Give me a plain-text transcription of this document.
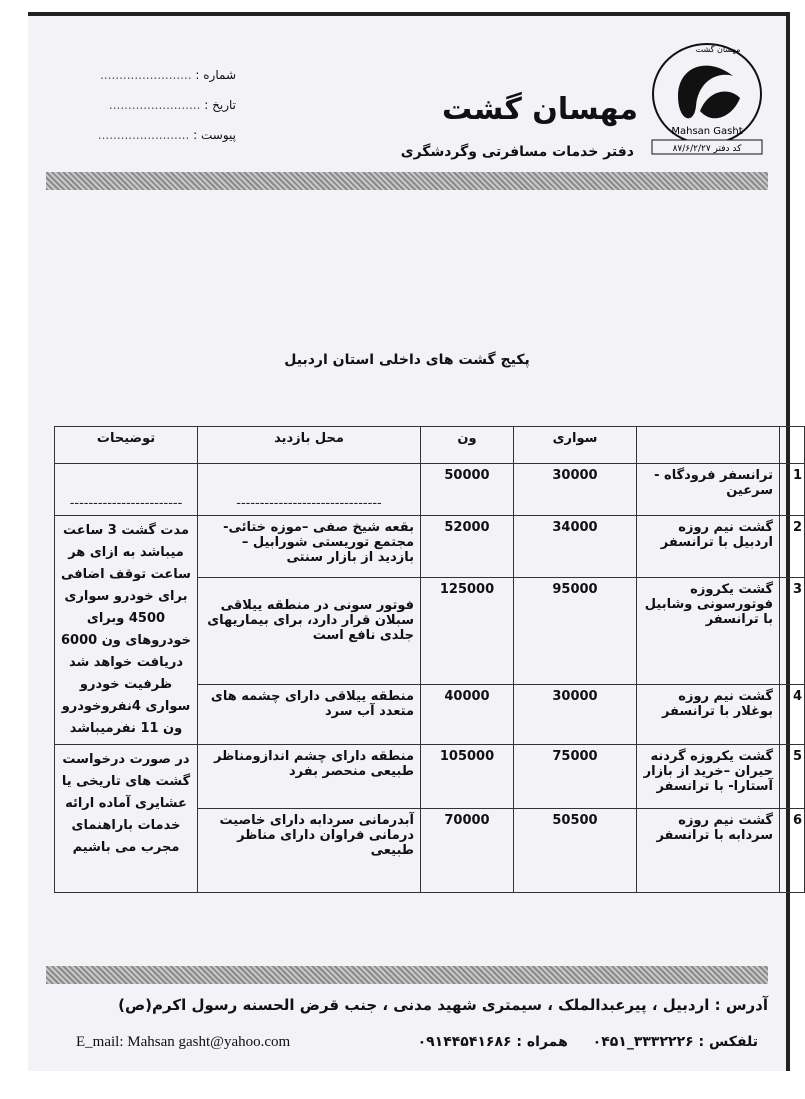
Mahsan Gasht
مهسان گشت
کد دفتر ۸۷/۶/۲/۲۷
مهسان گشت
دفتر خدمات مسافرتی وگردشگری
شماره : ........................
تاریخ : ........................
پیوست : ........................
پکیج گشت های داخلی استان اردبیل
		سواری	ون	محل بازدید	توضیحات
1	ترانسفر فرودگاه - سرعین	30000	50000	-------------------------------	------------------------
2	گشت نیم روزه اردبیل با ترانسفر	34000	52000	بقعه شیخ صفی –موزه ختائی- مجتمع توریستی شورابیل – بازدید از بازار سنتی	مدت گشت 3 ساعت میباشد به ازای هر ساعت توقف اضافی برای خودرو سواری 4500 وبرای خودروهای ون 6000 دریافت خواهد شد ظرفیت خودرو سواری 4نفروخودرو ون 11 نفرمیباشد
3	گشت یکروزه فوتورسونی وشابیل با ترانسفر	95000	125000	فوتور سونی در منطقه ییلاقی سبلان قرار دارد، برای بیماریهای جلدی نافع است	
4	گشت نیم روزه بوغلار با ترانسفر	30000	40000	منطقه ییلاقی دارای چشمه های متعدد آب سرد	
5	گشت یکروزه گردنه حیران –خرید از بازار آستارا- با ترانسفر	75000	105000	منطقه دارای چشم اندازومناظر طبیعی منحصر بفرد	در صورت درخواست گشت های تاریخی یا عشایری آماده ارائه خدمات باراهنمای مجرب می باشیم
6	گشت نیم روزه سردابه با ترانسفر	50500	70000	آبدرمانی سردابه دارای خاصیت درمانی فراوان دارای مناظر طبیعی	
آدرس : اردبیل ، پیرعبدالملک ، سیمتری شهید مدنی ، جنب قرض الحسنه رسول اکرم(ص)
E_mail: Mahsan gasht@yahoo.com	تلفکس : ۳۳۳۲۲۲۶_۰۴۵۱ همراه : ۰۹۱۴۴۵۴۱۶۸۶
